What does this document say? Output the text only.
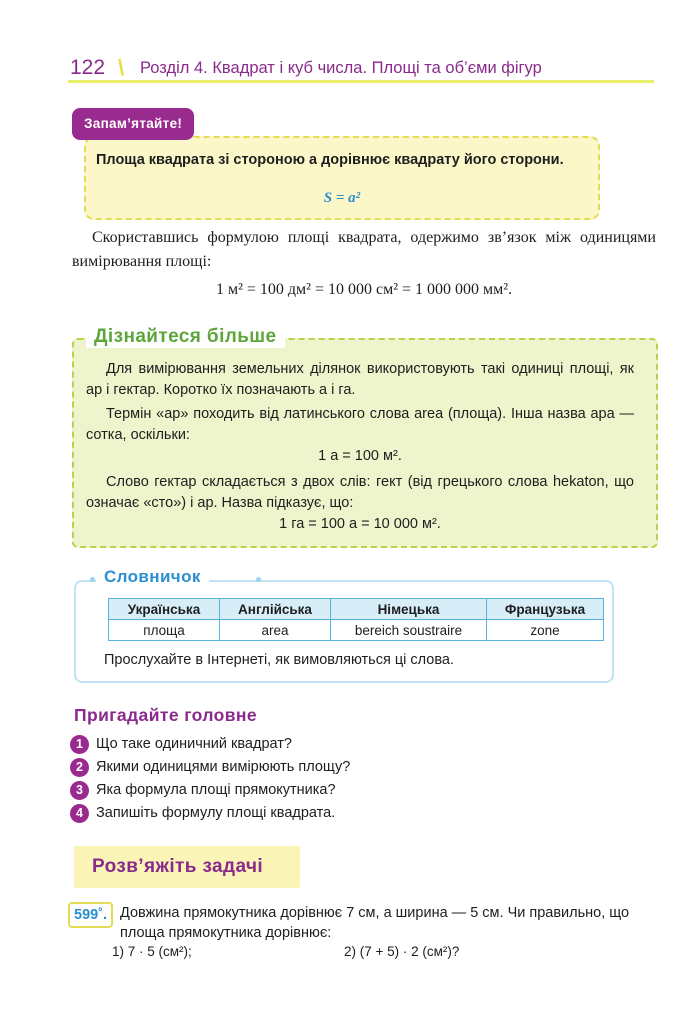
122 \ Розділ 4. Квадрат і куб числа. Площі та об’єми фігур
Запам’ятайте!
Площа квадрата зі стороною a дорівнює квадрату його сторони.
S = a²
Скориставшись формулою площі квадрата, одержимо зв’язок між одиницями вимірювання площі:
1 м² = 100 дм² = 10 000 см² = 1 000 000 мм².
Дізнайтеся більше
Для вимірювання земельних ділянок використовують такі одиниці площі, як ар і гектар. Коротко їх позначають а і га.
Термін «ар» походить від латинського слова area (площа). Інша назва ара — сотка, оскільки:
1 а = 100 м².
Слово гектар складається з двох слів: гект (від грецького слова hekaton, що означає «сто») і ар. Назва підказує, що:
1 га = 100 а = 10 000 м².
Словничок
Українська	Англійська	Німецька	Французька
площа	area	bereich soustraire	zone
Прослухайте в Інтернеті, як вимовляються ці слова.
Пригадайте головне
1 Що таке одиничний квадрат?
2 Якими одиницями вимірюють площу?
3 Яка формула площі прямокутника?
4 Запишіть формулу площі квадрата.
Розв’яжіть задачі
599˚. Довжина прямокутника дорівнює 7 см, а ширина — 5 см. Чи правильно, що площа прямокутника дорівнює:
1) 7 · 5 (см²);	2) (7 + 5) · 2 (см²)?
